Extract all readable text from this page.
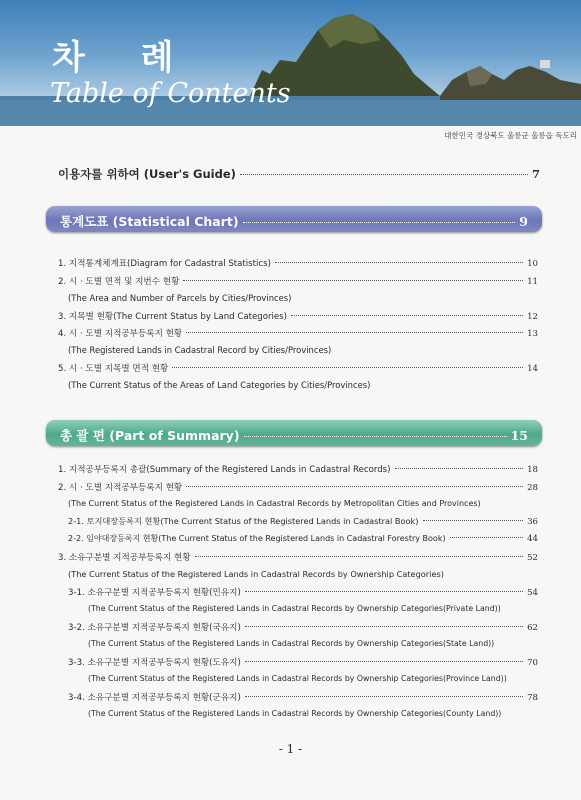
차 례
Table of Contents
대한민국 경상북도 울릉군 울릉읍 독도리
이용자를 위하여 (User's Guide)	7
통계도표 (Statistical Chart)	9
1. 지적통계체계표(Diagram for Cadastral Statistics)	10
2. 시 · 도별 면적 및 지번수 현황	11
(The Area and Number of Parcels by Cities/Provinces)
3. 지목별 현황(The Current Status by Land Categories)	12
4. 시 · 도별 지적공부등록지 현황	13
(The Registered Lands in Cadastral Record by Cities/Provinces)
5. 시 · 도별 지목별 면적 현황	14
(The Current Status of the Areas of Land Categories by Cities/Provinces)
총 괄 편 (Part of Summary)	15
1. 지적공부등록지 총괄(Summary of the Registered Lands in Cadastral Records)	18
2. 시 · 도별 지적공부등록지 현황	28
(The Current Status of the Registered Lands in Cadastral Records by Metropolitan Cities and Provinces)
2-1. 토지대장등록지 현황(The Current Status of the Registered Lands in Cadastral Book)	36
2-2. 임야대장등록지 현황(The Current Status of the Registered Lands in Cadastral Forestry Book)	44
3. 소유구분별 지적공부등록지 현황	52
(The Current Status of the Registered Lands in Cadastral Records by Ownership Categories)
3-1. 소유구분별 지적공부등록지 현황(민유지)	54
(The Current Status of the Registered Lands in Cadastral Records by Ownership Categories(Private Land))
3-2. 소유구분별 지적공부등록지 현황(국유지)	62
(The Current Status of the Registered Lands in Cadastral Records by Ownership Categories(State Land))
3-3. 소유구분별 지적공부등록지 현황(도유지)	70
(The Current Status of the Registered Lands in Cadastral Records by Ownership Categories(Province Land))
3-4. 소유구분별 지적공부등록지 현황(군유지)	78
(The Current Status of the Registered Lands in Cadastral Records by Ownership Categories(County Land))
- 1 -
